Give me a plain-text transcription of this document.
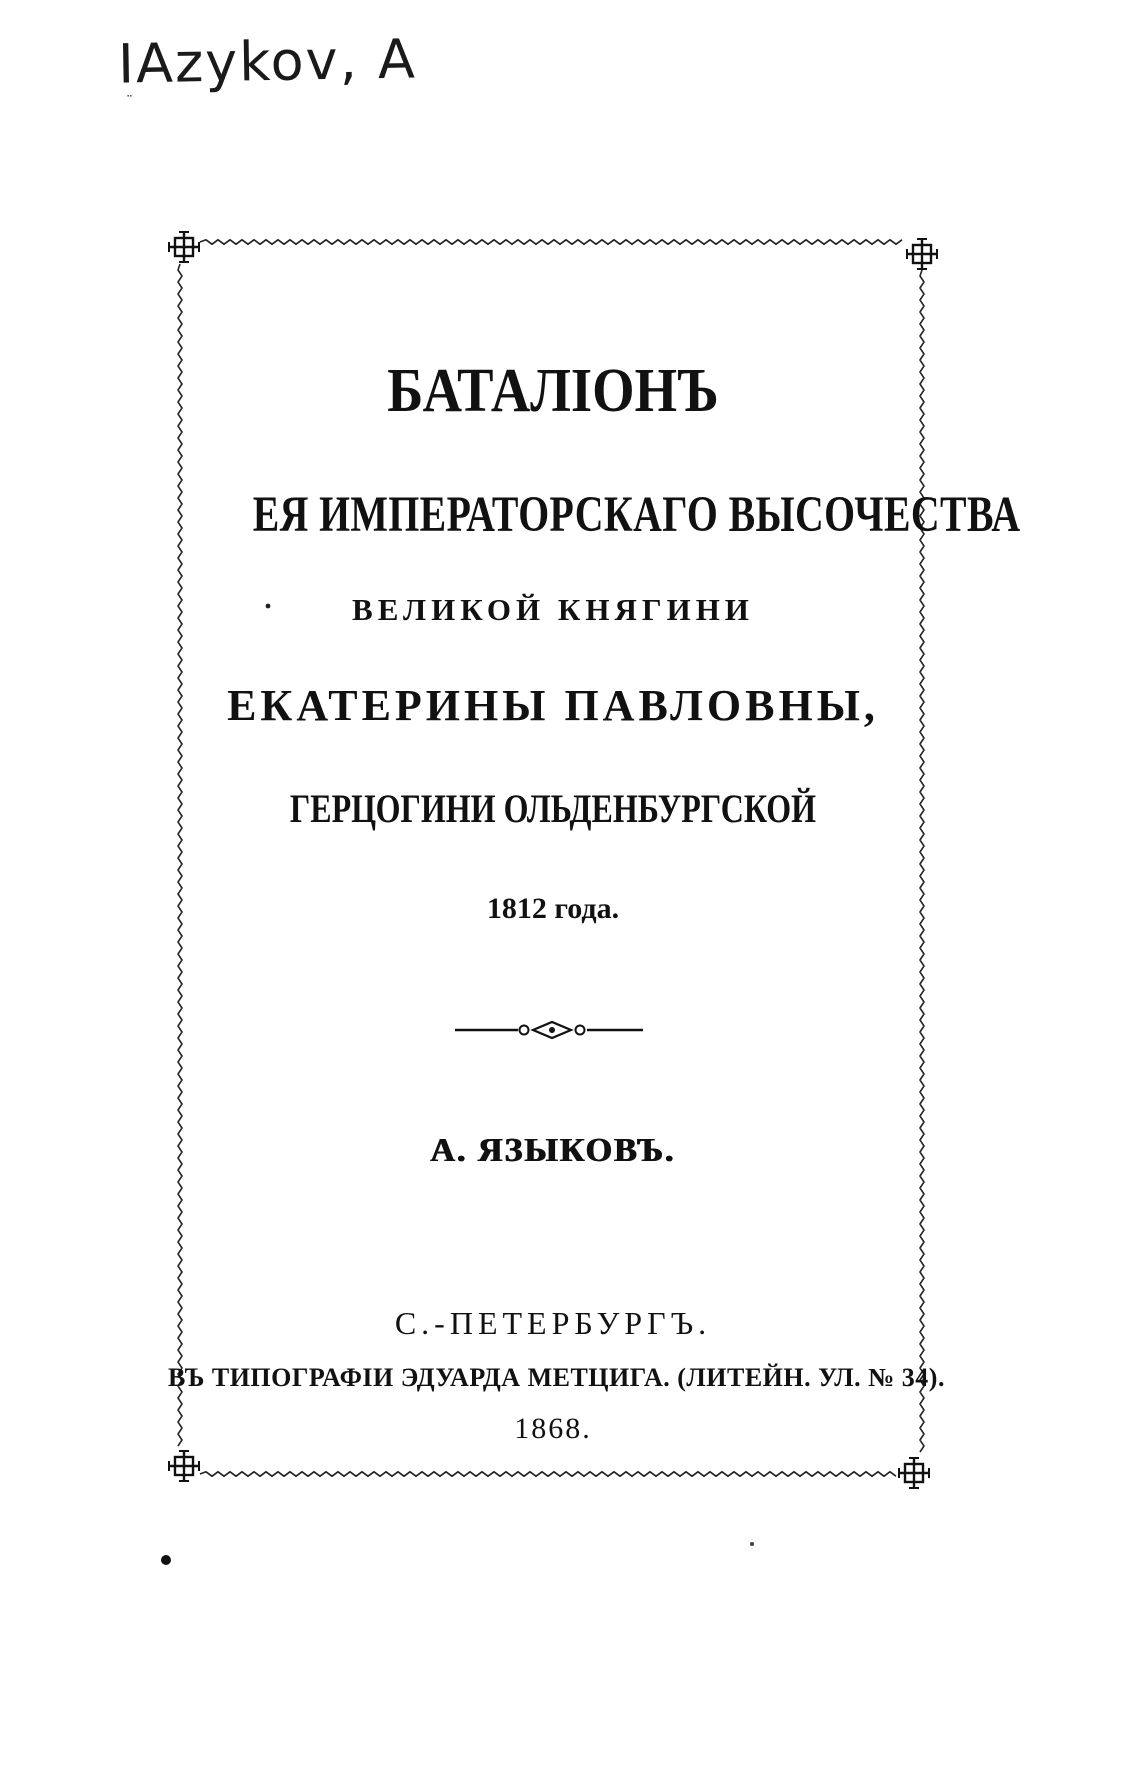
IAzykov, A
¨
БАТАЛІОНЪ
ЕЯ ИМПЕРАТОРСКАГО ВЫСОЧЕСТВА
ВЕЛИКОЙ КНЯГИНИ
ЕКАТЕРИНЫ ПАВЛОВНЫ,
ГЕРЦОГИНИ ОЛЬДЕНБУРГСКОЙ
1812 года.
А. ЯЗЫКОВЪ.
С.-ПЕТЕРБУРГЪ.
ВЪ ТИПОГРАФІИ ЭДУАРДА МЕТЦИГА. (ЛИТЕЙН. УЛ. № 34).
1868.
